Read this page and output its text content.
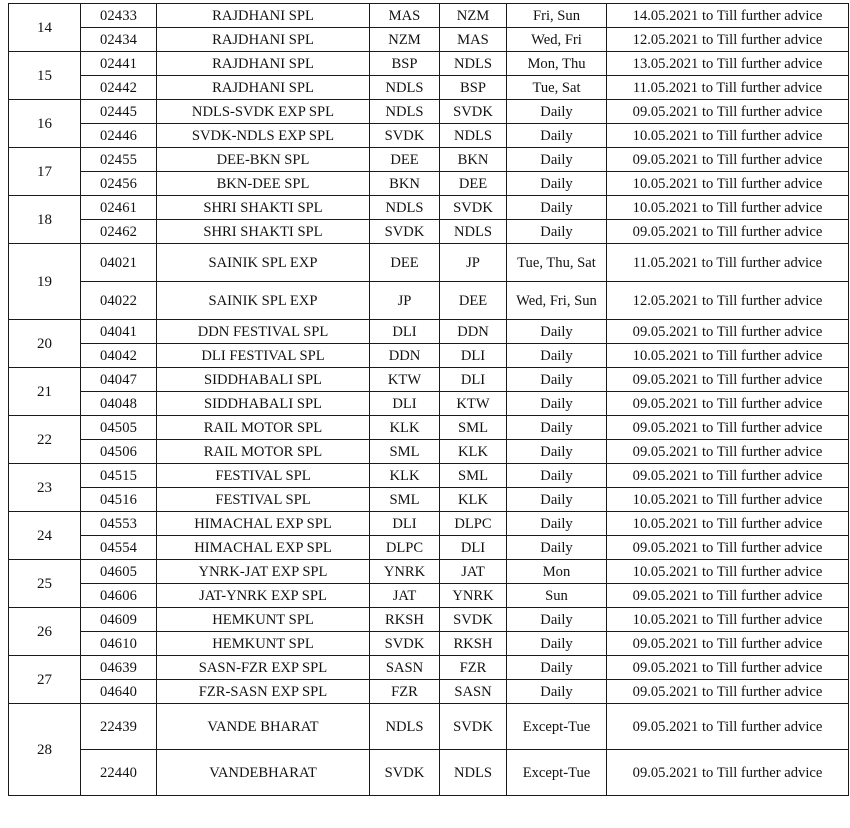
14	02433	RAJDHANI SPL	MAS	NZM	Fri, Sun	14.05.2021 to Till further advice
	02434	RAJDHANI SPL	NZM	MAS	Wed, Fri	12.05.2021 to Till further advice
15	02441	RAJDHANI SPL	BSP	NDLS	Mon, Thu	13.05.2021 to Till further advice
	02442	RAJDHANI SPL	NDLS	BSP	Tue, Sat	11.05.2021 to Till further advice
16	02445	NDLS-SVDK EXP SPL	NDLS	SVDK	Daily	09.05.2021 to Till further advice
	02446	SVDK-NDLS EXP SPL	SVDK	NDLS	Daily	10.05.2021 to Till further advice
17	02455	DEE-BKN SPL	DEE	BKN	Daily	09.05.2021 to Till further advice
	02456	BKN-DEE SPL	BKN	DEE	Daily	10.05.2021 to Till further advice
18	02461	SHRI SHAKTI SPL	NDLS	SVDK	Daily	10.05.2021 to Till further advice
	02462	SHRI SHAKTI SPL	SVDK	NDLS	Daily	09.05.2021 to Till further advice
19	04021	SAINIK SPL EXP	DEE	JP	Tue, Thu, Sat	11.05.2021 to Till further advice
	04022	SAINIK SPL EXP	JP	DEE	Wed, Fri, Sun	12.05.2021 to Till further advice
20	04041	DDN FESTIVAL SPL	DLI	DDN	Daily	09.05.2021 to Till further advice
	04042	DLI FESTIVAL SPL	DDN	DLI	Daily	10.05.2021 to Till further advice
21	04047	SIDDHABALI SPL	KTW	DLI	Daily	09.05.2021 to Till further advice
	04048	SIDDHABALI SPL	DLI	KTW	Daily	09.05.2021 to Till further advice
22	04505	RAIL MOTOR SPL	KLK	SML	Daily	09.05.2021 to Till further advice
	04506	RAIL MOTOR SPL	SML	KLK	Daily	09.05.2021 to Till further advice
23	04515	FESTIVAL SPL	KLK	SML	Daily	09.05.2021 to Till further advice
	04516	FESTIVAL SPL	SML	KLK	Daily	10.05.2021 to Till further advice
24	04553	HIMACHAL EXP SPL	DLI	DLPC	Daily	10.05.2021 to Till further advice
	04554	HIMACHAL EXP SPL	DLPC	DLI	Daily	09.05.2021 to Till further advice
25	04605	YNRK-JAT EXP SPL	YNRK	JAT	Mon	10.05.2021 to Till further advice
	04606	JAT-YNRK EXP SPL	JAT	YNRK	Sun	09.05.2021 to Till further advice
26	04609	HEMKUNT SPL	RKSH	SVDK	Daily	10.05.2021 to Till further advice
	04610	HEMKUNT SPL	SVDK	RKSH	Daily	09.05.2021 to Till further advice
27	04639	SASN-FZR EXP SPL	SASN	FZR	Daily	09.05.2021 to Till further advice
	04640	FZR-SASN EXP SPL	FZR	SASN	Daily	09.05.2021 to Till further advice
28	22439	VANDE BHARAT	NDLS	SVDK	Except-Tue	09.05.2021 to Till further advice
	22440	VANDEBHARAT	SVDK	NDLS	Except-Tue	09.05.2021 to Till further advice
